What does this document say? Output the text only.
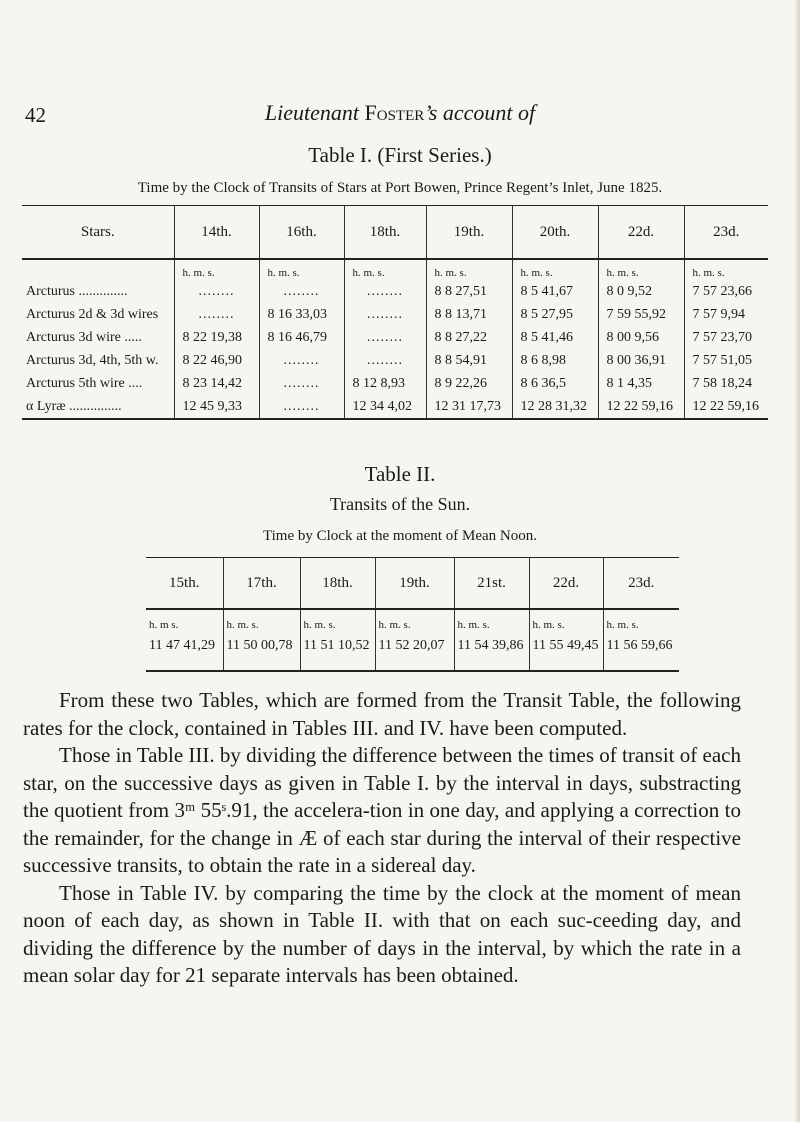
42	Lieutenant Foster’s account of
Table I. (First Series.)
Time by the Clock of Transits of Stars at Port Bowen, Prince Regent’s Inlet, June 1825.
Stars.	14th.	16th.	18th.	19th.	20th.	22d.	23d.
	h. m. s.	h. m. s.	h. m. s.	h. m. s.	h. m. s.	h. m. s.	h. m. s.
Arcturus ..............	........	........	........	8 8 27,51	8 5 41,67	8 0 9,52	7 57 23,66
Arcturus 2d & 3d wires	........	8 16 33,03	........	8 8 13,71	8 5 27,95	7 59 55,92	7 57 9,94
Arcturus 3d wire .....	8 22 19,38	8 16 46,79	........	8 8 27,22	8 5 41,46	8 00 9,56	7 57 23,70
Arcturus 3d, 4th, 5th w.	8 22 46,90	........	........	8 8 54,91	8 6 8,98	8 00 36,91	7 57 51,05
Arcturus 5th wire ....	8 23 14,42	........	8 12 8,93	8 9 22,26	8 6 36,5	8 1 4,35	7 58 18,24
α Lyræ ...............	12 45 9,33	........	12 34 4,02	12 31 17,73	12 28 31,32	12 22 59,16	12 22 59,16
Table II.
Transits of the Sun.
Time by Clock at the moment of Mean Noon.
15th.	17th.	18th.	19th.	21st.	22d.	23d.
h. m s.	h. m. s.	h. m. s.	h. m. s.	h. m. s.	h. m. s.	h. m. s.
11 47 41,29	11 50 00,78	11 51 10,52	11 52 20,07	11 54 39,86	11 55 49,45	11 56 59,66

From these two Tables, which are formed from the Transit Table, the following rates for the clock, contained in Tables III. and IV. have been computed.

Those in Table III. by dividing the difference between the times of transit of each star, on the successive days as given in Table I. by the interval in days, substracting the quotient from 3ᵐ 55ˢ.91, the accelera-tion in one day, and applying a correction to the remainder, for the change in Æ of each star during the interval of their respective successive transits, to obtain the rate in a sidereal day.

Those in Table IV. by comparing the time by the clock at the moment of mean noon of each day, as shown in Table II. with that on each suc-ceeding day, and dividing the difference by the number of days in the interval, by which the rate in a mean solar day for 21 separate intervals has been obtained.
